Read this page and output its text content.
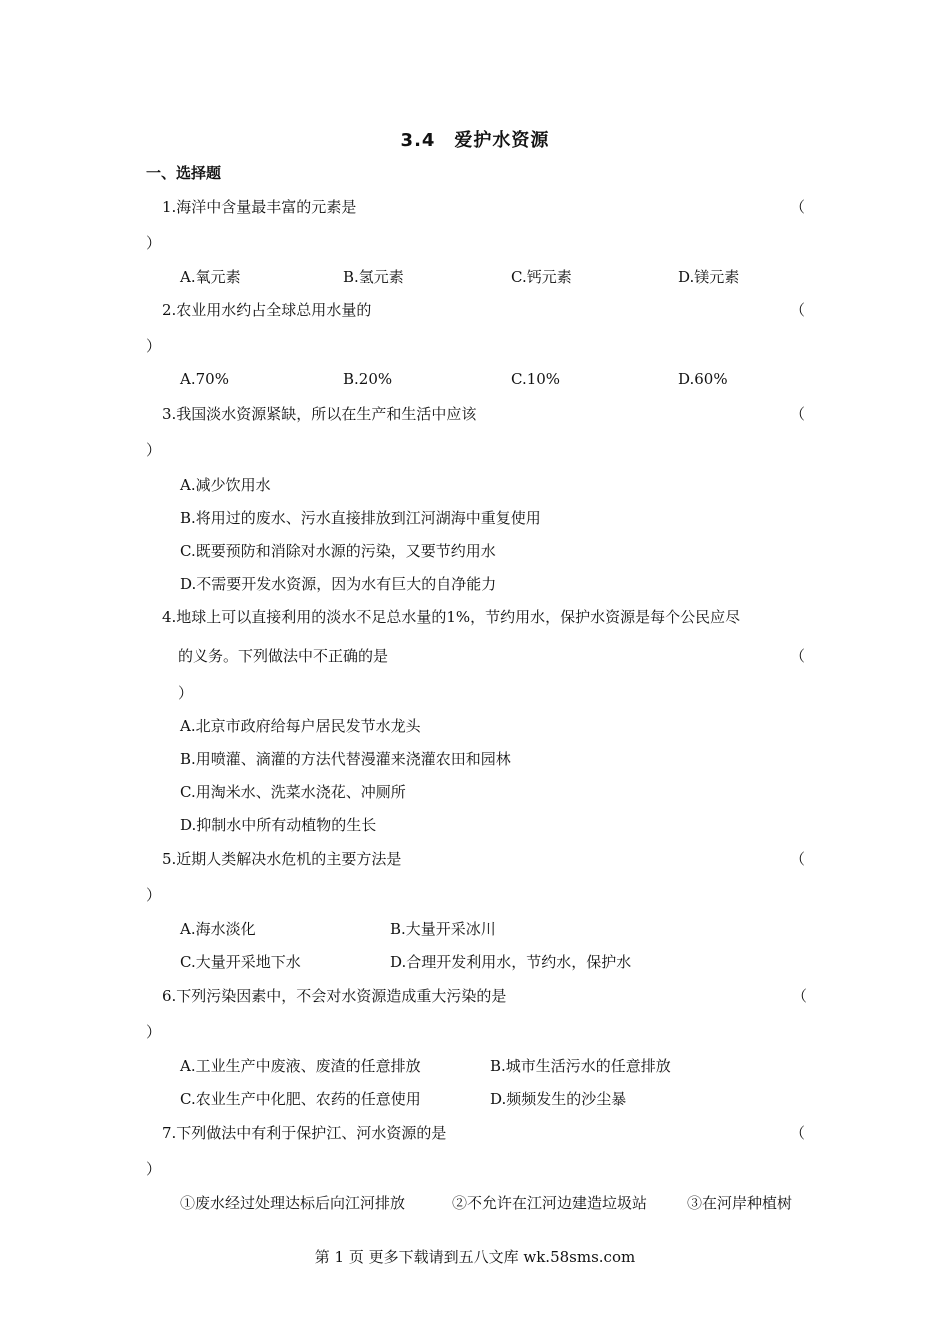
3.4　爱护水资源
一、选择题
1.海洋中含量最丰富的元素是	（
）
A.氧元素	B.氢元素	C.钙元素	D.镁元素
2.农业用水约占全球总用水量的	（
）
A.70%	B.20%	C.10%	D.60%
3.我国淡水资源紧缺，所以在生产和生活中应该	（
）
A.减少饮用水
B.将用过的废水、污水直接排放到江河湖海中重复使用
C.既要预防和消除对水源的污染，又要节约用水
D.不需要开发水资源，因为水有巨大的自净能力
4.地球上可以直接利用的淡水不足总水量的1%，节约用水，保护水资源是每个公民应尽
的义务。下列做法中不正确的是	（
）
A.北京市政府给每户居民发节水龙头
B.用喷灌、滴灌的方法代替漫灌来浇灌农田和园林
C.用淘米水、洗菜水浇花、冲厕所
D.抑制水中所有动植物的生长
5.近期人类解决水危机的主要方法是	（
）
A.海水淡化	B.大量开采冰川
C.大量开采地下水	D.合理开发利用水，节约水，保护水
6.下列污染因素中，不会对水资源造成重大污染的是	（
）
A.工业生产中废液、废渣的任意排放	B.城市生活污水的任意排放
C.农业生产中化肥、农药的任意使用	D.频频发生的沙尘暴
7.下列做法中有利于保护江、河水资源的是	（
）
①废水经过处理达标后向江河排放	②不允许在江河边建造垃圾站	③在河岸种植树
第 1 页 更多下载请到五八文库 wk.58sms.com
